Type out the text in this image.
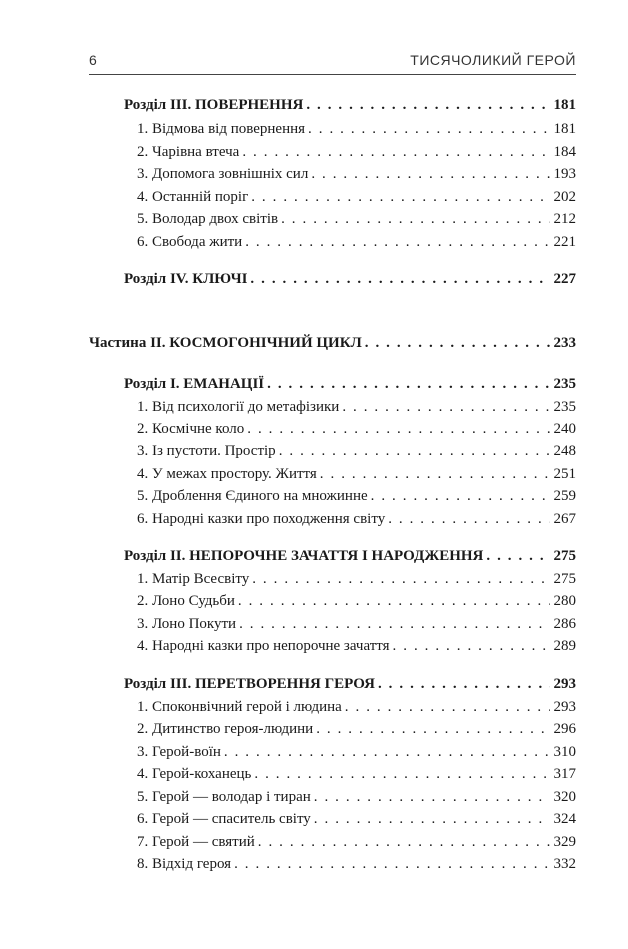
6	ТИСЯЧОЛИКИЙ ГЕРОЙ
Розділ ІІІ. ПОВЕРНЕННЯ . . .	181
1. Відмова від повернення . . .	181
2. Чарівна втеча . . .	184
3. Допомога зовнішніх сил . . .	193
4. Останній поріг . . .	202
5. Володар двох світів . . .	212
6. Свобода жити . . .	221
Розділ IV. КЛЮЧІ . . .	227
Частина ІІ. КОСМОГОНІЧНИЙ ЦИКЛ . . .	233
Розділ І. ЕМАНАЦІЇ . . .	235
1. Від психології до метафізики . . .	235
2. Космічне коло . . .	240
3. Із пустоти. Простір . . .	248
4. У межах простору. Життя . . .	251
5. Дроблення Єдиного на множинне . . .	259
6. Народні казки про походження світу . . .	267
Розділ ІІ. НЕПОРОЧНЕ ЗАЧАТТЯ І НАРОДЖЕННЯ . . .	275
1. Матір Всесвіту . . .	275
2. Лоно Судьби . . .	280
3. Лоно Покути . . .	286
4. Народні казки про непорочне зачаття . . .	289
Розділ ІІІ. ПЕРЕТВОРЕННЯ ГЕРОЯ . . .	293
1. Споконвічний герой і людина . . .	293
2. Дитинство героя-людини . . .	296
3. Герой-воїн . . .	310
4. Герой-коханець . . .	317
5. Герой — володар і тиран . . .	320
6. Герой — спаситель світу . . .	324
7. Герой — святий . . .	329
8. Відхід героя . . .	332
